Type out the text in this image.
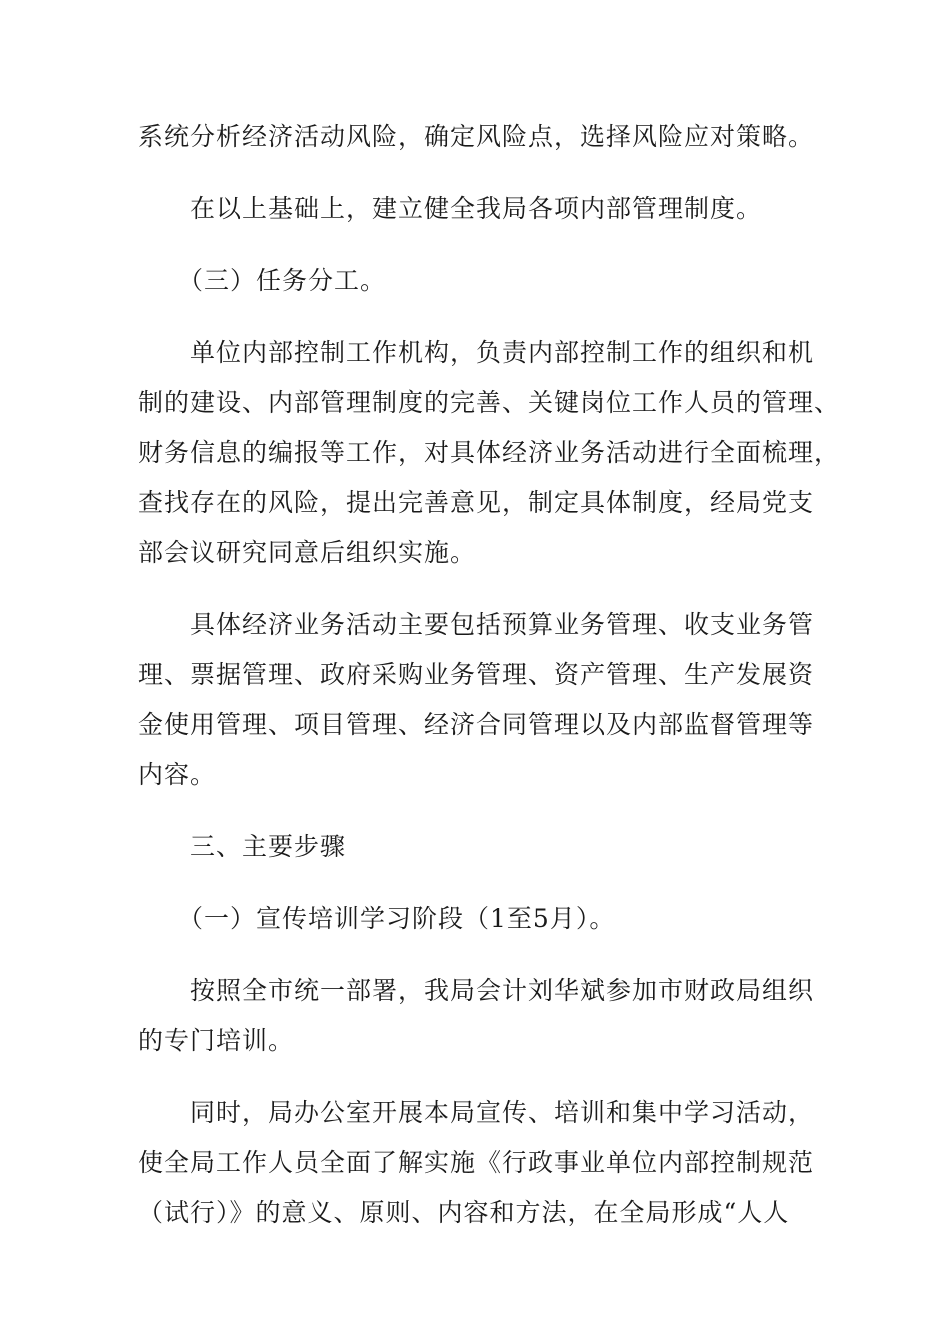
系统分析经济活动风险，确定风险点，选择风险应对策略。
在以上基础上，建立健全我局各项内部管理制度。
（三）任务分工。
单位内部控制工作机构，负责内部控制工作的组织和机
制的建设、内部管理制度的完善、关键岗位工作人员的管理、
财务信息的编报等工作，对具体经济业务活动进行全面梳理，
查找存在的风险，提出完善意见，制定具体制度，经局党支
部会议研究同意后组织实施。
具体经济业务活动主要包括预算业务管理、收支业务管
理、票据管理、政府采购业务管理、资产管理、生产发展资
金使用管理、项目管理、经济合同管理以及内部监督管理等
内容。
三、主要步骤
（一）宣传培训学习阶段（1至5月）。
按照全市统一部署，我局会计刘华斌参加市财政局组织
的专门培训。
同时，局办公室开展本局宣传、培训和集中学习活动，
使全局工作人员全面了解实施《行政事业单位内部控制规范
（试行）》的意义、原则、内容和方法，在全局形成“人人
